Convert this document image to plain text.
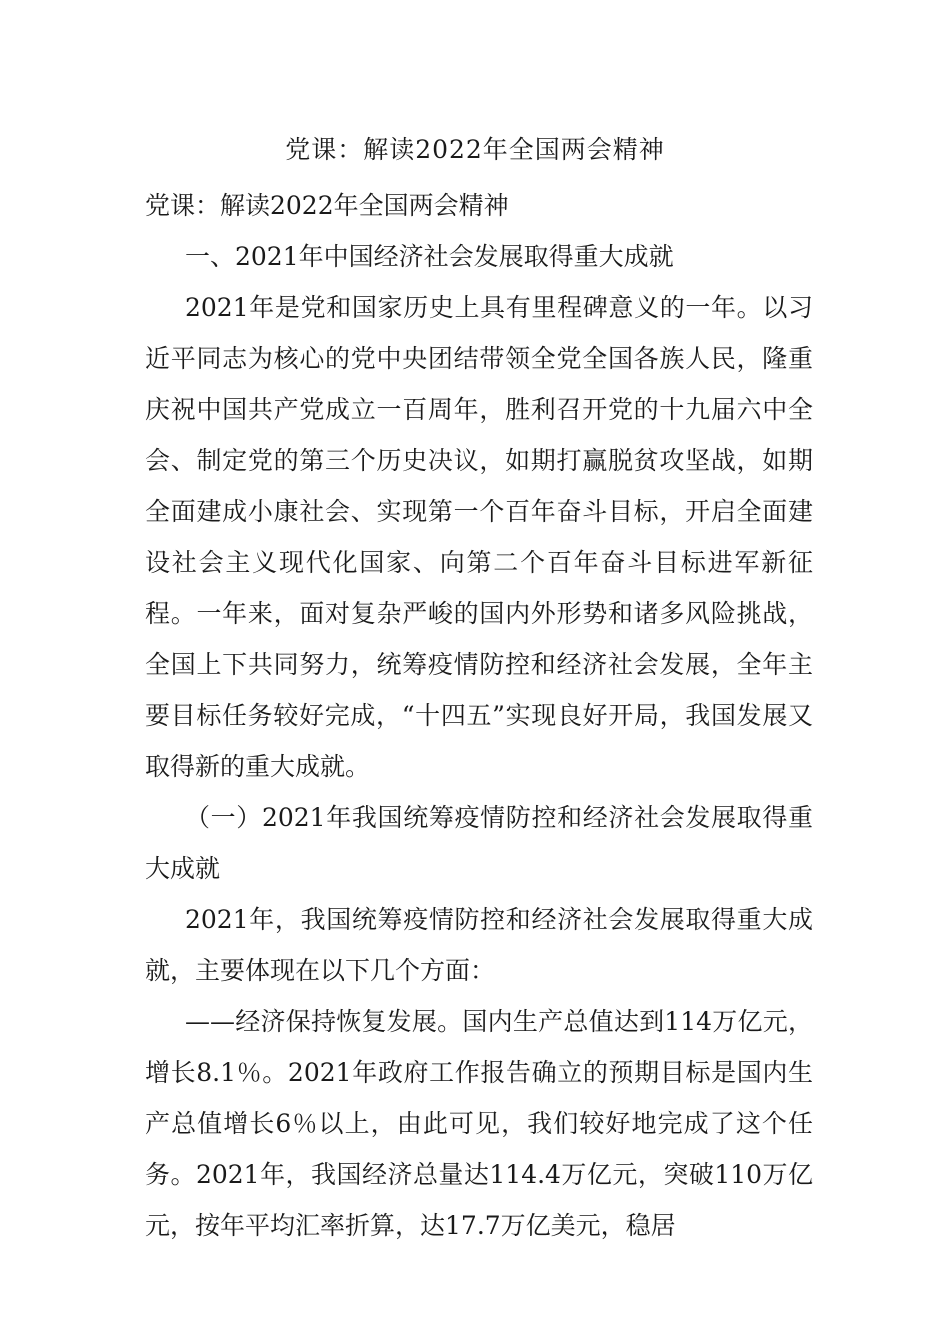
党课：解读2022年全国两会精神

党课：解读2022年全国两会精神

一、2021年中国经济社会发展取得重大成就

2021年是党和国家历史上具有里程碑意义的一年。以习近平同志为核心的党中央团结带领全党全国各族人民，隆重庆祝中国共产党成立一百周年，胜利召开党的十九届六中全会、制定党的第三个历史决议，如期打赢脱贫攻坚战，如期全面建成小康社会、实现第一个百年奋斗目标，开启全面建设社会主义现代化国家、向第二个百年奋斗目标进军新征程。一年来，面对复杂严峻的国内外形势和诸多风险挑战，全国上下共同努力，统筹疫情防控和经济社会发展，全年主要目标任务较好完成，“十四五”实现良好开局，我国发展又取得新的重大成就。

（一）2021年我国统筹疫情防控和经济社会发展取得重大成就

2021年，我国统筹疫情防控和经济社会发展取得重大成就，主要体现在以下几个方面：

——经济保持恢复发展。国内生产总值达到114万亿元，增长8.1％。2021年政府工作报告确立的预期目标是国内生产总值增长6％以上，由此可见，我们较好地完成了这个任务。2021年，我国经济总量达114.4万亿元，突破110万亿元，按年平均汇率折算，达17.7万亿美元，稳居
